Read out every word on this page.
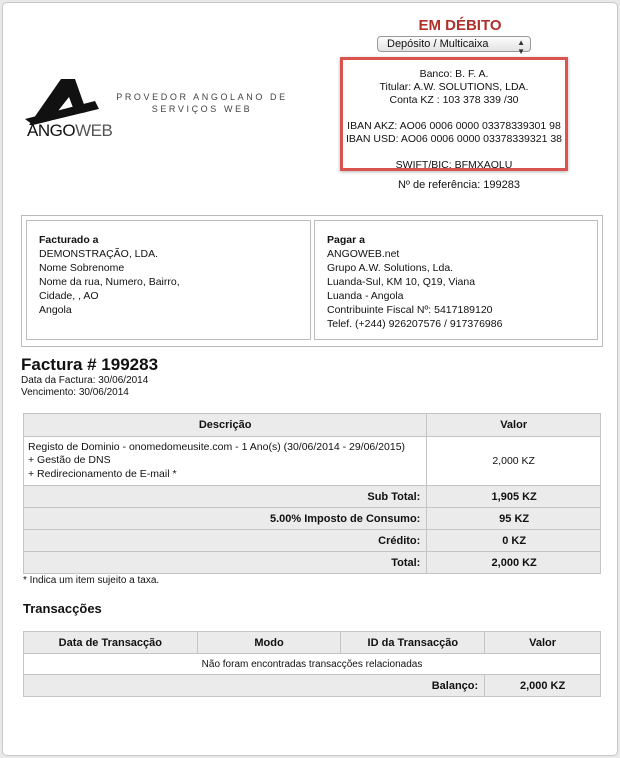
ANGOWEB
PROVEDOR ANGOLANO DE
SERVIÇOS WEB
EM DÉBITO
Depósito / Multicaixa	▲
▼
Banco: B. F. A.
Titular: A.W. SOLUTIONS, LDA.
Conta KZ : 103 378 339 /30
IBAN AKZ: AO06 0006 0000 03378339301 98
IBAN USD: AO06 0006 0000 03378339321 38
SWIFT/BIC: BFMXAOLU
Nº de referência: 199283
Facturado a
DEMONSTRAÇÃO, LDA.
Nome Sobrenome
Nome da rua, Numero, Bairro,
Cidade, , AO
Angola
Pagar a
ANGOWEB.net
Grupo A.W. Solutions, Lda.
Luanda-Sul, KM 10, Q19, Viana
Luanda - Angola
Contribuinte Fiscal Nº: 5417189120
Telef. (+244) 926207576 / 917376986
Factura # 199283
Data da Factura: 30/06/2014
Vencimento: 30/06/2014
Descrição	Valor

Registo de Dominio - onomedomeusite.com - 1 Ano(s) (30/06/2014 - 29/06/2015)
+ Gestão de DNS
+ Redirecionamento de E-mail *	2,000 KZ
Sub Total:	1,905 KZ
5.00% Imposto de Consumo:	95 KZ
Crédito:	0 KZ
Total:	2,000 KZ
* Indica um item sujeito a taxa.
Transacções
Data de Transacção	Modo	ID da Transacção	Valor
Não foram encontradas transacções relacionadas			
Balanço:			2,000 KZ
